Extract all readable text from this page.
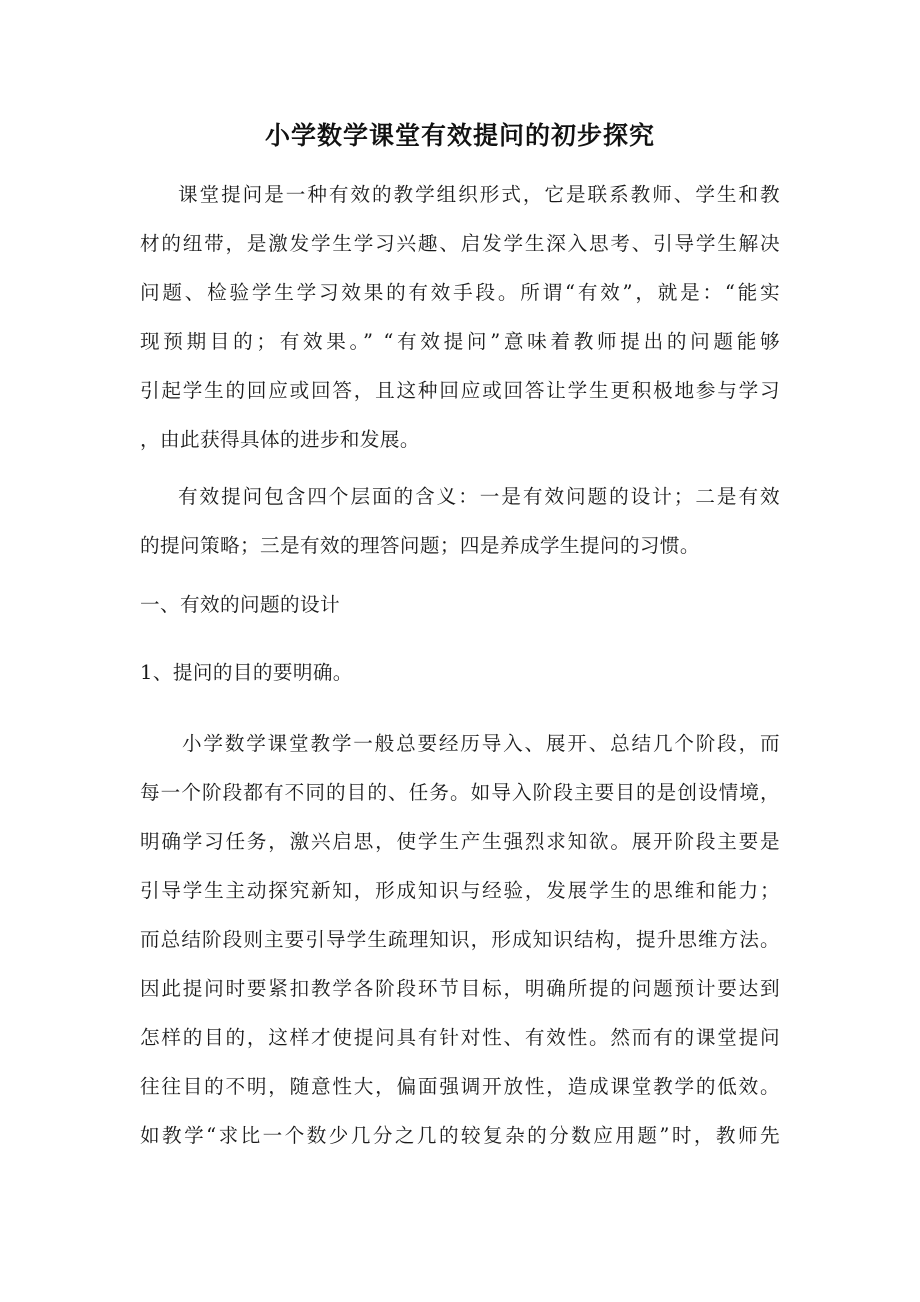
小学数学课堂有效提问的初步探究
课堂提问是一种有效的教学组织形式，它是联系教师、学生和教
材的纽带，是激发学生学习兴趣、启发学生深入思考、引导学生解决
问题、检验学生学习效果的有效手段。所谓“有效”，就是：“能实
现预期目的；有效果。” “有效提问”意味着教师提出的问题能够
引起学生的回应或回答，且这种回应或回答让学生更积极地参与学习
，由此获得具体的进步和发展。
有效提问包含四个层面的含义：一是有效问题的设计；二是有效
的提问策略；三是有效的理答问题；四是养成学生提问的习惯。
一、有效的问题的设计
1、提问的目的要明确。
小学数学课堂教学一般总要经历导入、展开、总结几个阶段，而
每一个阶段都有不同的目的、任务。如导入阶段主要目的是创设情境，
明确学习任务，激兴启思，使学生产生强烈求知欲。展开阶段主要是
引导学生主动探究新知，形成知识与经验，发展学生的思维和能力；
而总结阶段则主要引导学生疏理知识，形成知识结构，提升思维方法。
因此提问时要紧扣教学各阶段环节目标，明确所提的问题预计要达到
怎样的目的，这样才使提问具有针对性、有效性。然而有的课堂提问
往往目的不明，随意性大，偏面强调开放性，造成课堂教学的低效。
如教学“求比一个数少几分之几的较复杂的分数应用题”时，教师先
